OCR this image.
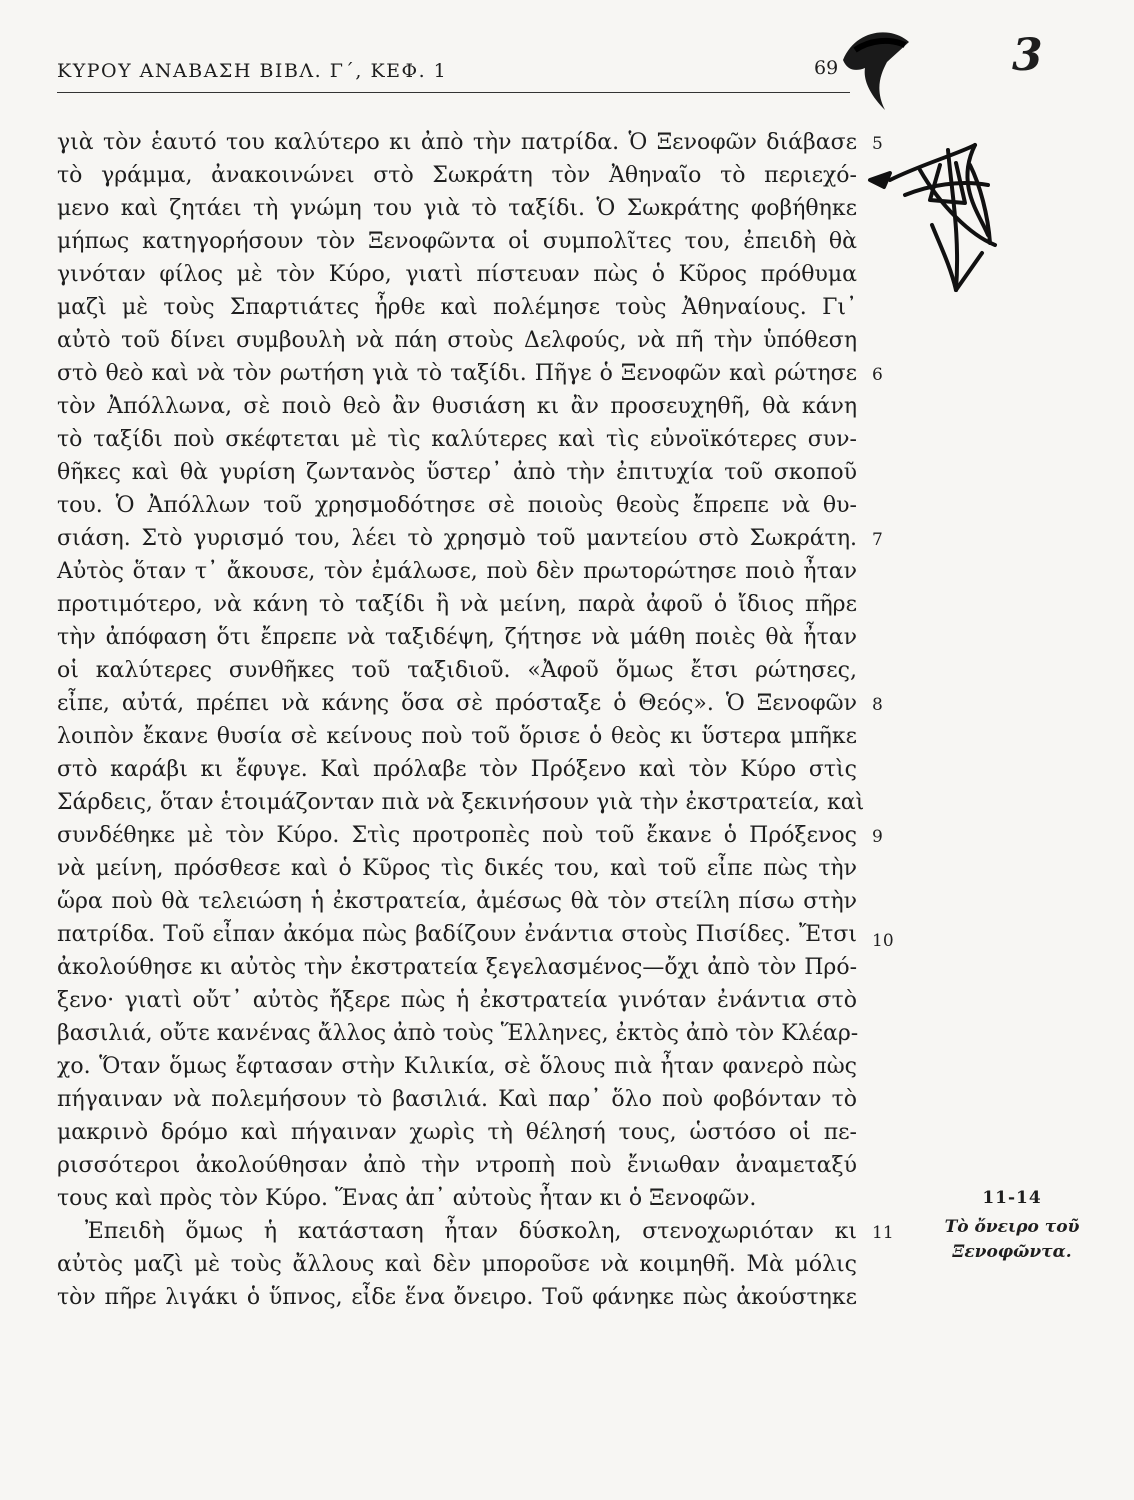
ΚΥΡΟΥ ΑΝΑΒΑΣΗ ΒΙΒΛ. Γ΄, ΚΕΦ. 1	69	3
γιὰ τὸν ἑαυτό του καλύτερο κι ἀπὸ τὴν πατρίδα. Ὁ Ξενοφῶν διάβασε
τὸ γράμμα, ἀνακοινώνει στὸ Σωκράτη τὸν Ἀθηναῖο τὸ περιεχό-
μενο καὶ ζητάει τὴ γνώμη του γιὰ τὸ ταξίδι. Ὁ Σωκράτης φοβήθηκε
μήπως κατηγορήσουν τὸν Ξενοφῶντα οἱ συμπολῖτες του, ἐπειδὴ θὰ
γινόταν φίλος μὲ τὸν Κύρο, γιατὶ πίστευαν πὼς ὁ Κῦρος πρόθυμα
μαζὶ μὲ τοὺς Σπαρτιάτες ἦρθε καὶ πολέμησε τοὺς Ἀθηναίους. Γι᾽
αὐτὸ τοῦ δίνει συμβουλὴ νὰ πάη στοὺς Δελφούς, νὰ πῆ τὴν ὑπόθεση
στὸ θεὸ καὶ νὰ τὸν ρωτήση γιὰ τὸ ταξίδι. Πῆγε ὁ Ξενοφῶν καὶ ρώτησε
τὸν Ἀπόλλωνα, σὲ ποιὸ θεὸ ἂν θυσιάση κι ἂν προσευχηθῆ, θὰ κάνη
τὸ ταξίδι ποὺ σκέφτεται μὲ τὶς καλύτερες καὶ τὶς εὐνοϊκότερες συν-
θῆκες καὶ θὰ γυρίση ζωντανὸς ὕστερ᾽ ἀπὸ τὴν ἐπιτυχία τοῦ σκοποῦ
του. Ὁ Ἀπόλλων τοῦ χρησμοδότησε σὲ ποιοὺς θεοὺς ἔπρεπε νὰ θυ-
σιάση. Στὸ γυρισμό του, λέει τὸ χρησμὸ τοῦ μαντείου στὸ Σωκράτη.
Αὐτὸς ὅταν τ᾽ ἄκουσε, τὸν ἐμάλωσε, ποὺ δὲν πρωτορώτησε ποιὸ ἦταν
προτιμότερο, νὰ κάνη τὸ ταξίδι ἢ νὰ μείνη, παρὰ ἀφοῦ ὁ ἴδιος πῆρε
τὴν ἀπόφαση ὅτι ἔπρεπε νὰ ταξιδέψη, ζήτησε νὰ μάθη ποιὲς θὰ ἦταν
οἱ καλύτερες συνθῆκες τοῦ ταξιδιοῦ. «Ἀφοῦ ὅμως ἔτσι ρώτησες,
εἶπε, αὐτά, πρέπει νὰ κάνης ὅσα σὲ πρόσταξε ὁ Θεός». Ὁ Ξενοφῶν
λοιπὸν ἔκανε θυσία σὲ κείνους ποὺ τοῦ ὅρισε ὁ θεὸς κι ὕστερα μπῆκε
στὸ καράβι κι ἔφυγε. Καὶ πρόλαβε τὸν Πρόξενο καὶ τὸν Κύρο στὶς
Σάρδεις, ὅταν ἑτοιμάζονταν πιὰ νὰ ξεκινήσουν γιὰ τὴν ἐκστρατεία, καὶ
συνδέθηκε μὲ τὸν Κύρο. Στὶς προτροπὲς ποὺ τοῦ ἔκανε ὁ Πρόξενος
νὰ μείνη, πρόσθεσε καὶ ὁ Κῦρος τὶς δικές του, καὶ τοῦ εἶπε πὼς τὴν
ὥρα ποὺ θὰ τελειώση ἡ ἐκστρατεία, ἀμέσως θὰ τὸν στείλη πίσω στὴν
πατρίδα. Τοῦ εἶπαν ἀκόμα πὼς βαδίζουν ἐνάντια στοὺς Πισίδες. Ἔτσι
ἀκολούθησε κι αὐτὸς τὴν ἐκστρατεία ξεγελασμένος—ὄχι ἀπὸ τὸν Πρό-
ξενο· γιατὶ οὔτ᾽ αὐτὸς ἤξερε πὼς ἡ ἐκστρατεία γινόταν ἐνάντια στὸ
βασιλιά, οὔτε κανένας ἄλλος ἀπὸ τοὺς Ἕλληνες, ἐκτὸς ἀπὸ τὸν Κλέαρ-
χο. Ὅταν ὅμως ἔφτασαν στὴν Κιλικία, σὲ ὅλους πιὰ ἦταν φανερὸ πὼς
πήγαιναν νὰ πολεμήσουν τὸ βασιλιά. Καὶ παρ᾽ ὅλο ποὺ φοβόνταν τὸ
μακρινὸ δρόμο καὶ πήγαιναν χωρὶς τὴ θέλησή τους, ὡστόσο οἱ πε-
ρισσότεροι ἀκολούθησαν ἀπὸ τὴν ντροπὴ ποὺ ἔνιωθαν ἀναμεταξύ
τους καὶ πρὸς τὸν Κύρο. Ἕνας ἀπ᾽ αὐτοὺς ἦταν κι ὁ Ξενοφῶν.
Ἐπειδὴ ὅμως ἡ κατάσταση ἦταν δύσκολη, στενοχωριόταν κι
αὐτὸς μαζὶ μὲ τοὺς ἄλλους καὶ δὲν μποροῦσε νὰ κοιμηθῆ. Μὰ μόλις
τὸν πῆρε λιγάκι ὁ ὕπνος, εἶδε ἕνα ὄνειρο. Τοῦ φάνηκε πὼς ἀκούστηκε
5
6
7
8
9
10
11
11-14
Τὸ ὄνειρο τοῦ
Ξενοφῶντα.
